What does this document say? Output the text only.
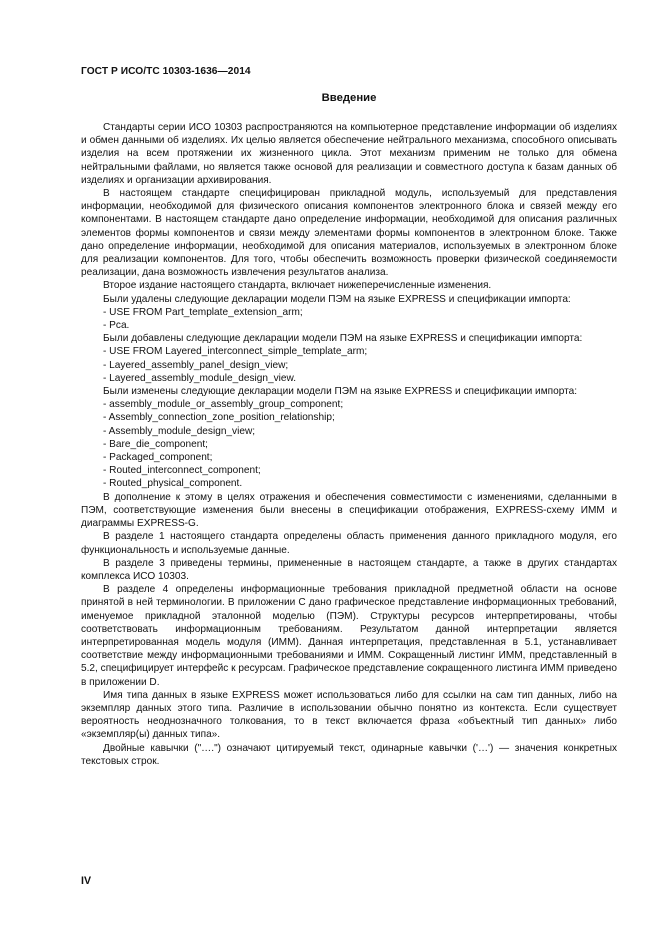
ГОСТ Р ИСО/ТС 10303-1636—2014
Введение

Стандарты серии ИСО 10303 распространяются на компьютерное представление информации об изделиях и обмен данными об изделиях. Их целью является обеспечение нейтрального механизма, способного описывать изделия на всем протяжении их жизненного цикла. Этот механизм применим не только для обмена нейтральными файлами, но является также основой для реализации и совместного доступа к базам данных об изделиях и организации архивирования.

В настоящем стандарте специфицирован прикладной модуль, используемый для представления информации, необходимой для физического описания компонентов электронного блока и связей между его компонентами. В настоящем стандарте дано определение информации, необходимой для описания различных элементов формы компонентов и связи между элементами формы компонентов в электронном блоке. Также дано определение информации, необходимой для описания материалов, используемых в электронном блоке для реализации компонентов. Для того, чтобы обеспечить возможность проверки физической соединяемости реализации, дана возможность извлечения результатов анализа.

Второе издание настоящего стандарта, включает нижеперечисленные изменения.

Были удалены следующие декларации модели ПЭМ на языке EXPRESS и спецификации импорта:

- USE FROM Part_template_extension_arm;

- Pca.

Были добавлены следующие декларации модели ПЭМ на языке EXPRESS и спецификации импорта:

- USE FROM Layered_interconnect_simple_template_arm;

- Layered_assembly_panel_design_view;

- Layered_assembly_module_design_view.

Были изменены следующие декларации модели ПЭМ на языке EXPRESS и спецификации импорта:

- assembly_module_or_assembly_group_component;

- Assembly_connection_zone_position_relationship;

- Assembly_module_design_view;

- Bare_die_component;

- Packaged_component;

- Routed_interconnect_component;

- Routed_physical_component.

В дополнение к этому в целях отражения и обеспечения совместимости с изменениями, сделанными в ПЭМ, соответствующие изменения были внесены в спецификации отображения, EXPRESS-схему ИММ и диаграммы EXPRESS-G.

В разделе 1 настоящего стандарта определены область применения данного прикладного модуля, его функциональность и используемые данные.

В разделе 3 приведены термины, примененные в настоящем стандарте, а также в других стандартах комплекса ИСО 10303.

В разделе 4 определены информационные требования прикладной предметной области на основе принятой в ней терминологии. В приложении С дано графическое представление информационных требований, именуемое прикладной эталонной моделью (ПЭМ). Структуры ресурсов интерпретированы, чтобы соответствовать информационным требованиям. Результатом данной интерпретации является интерпретированная модель модуля (ИММ). Данная интерпретация, представленная в 5.1, устанавливает соответствие между информационными требованиями и ИММ. Сокращенный листинг ИММ, представленный в 5.2, специфицирует интерфейс к ресурсам. Графическое представление сокращенного листинга ИММ приведено в приложении D.

Имя типа данных в языке EXPRESS может использоваться либо для ссылки на сам тип данных, либо на экземпляр данных этого типа. Различие в использовании обычно понятно из контекста. Если существует вероятность неоднозначного толкования, то в текст включается фраза «объектный тип данных» либо «экземпляр(ы) данных типа».

Двойные кавычки ("….") означают цитируемый текст, одинарные кавычки ('…') — значения конкретных текстовых строк.

IV
